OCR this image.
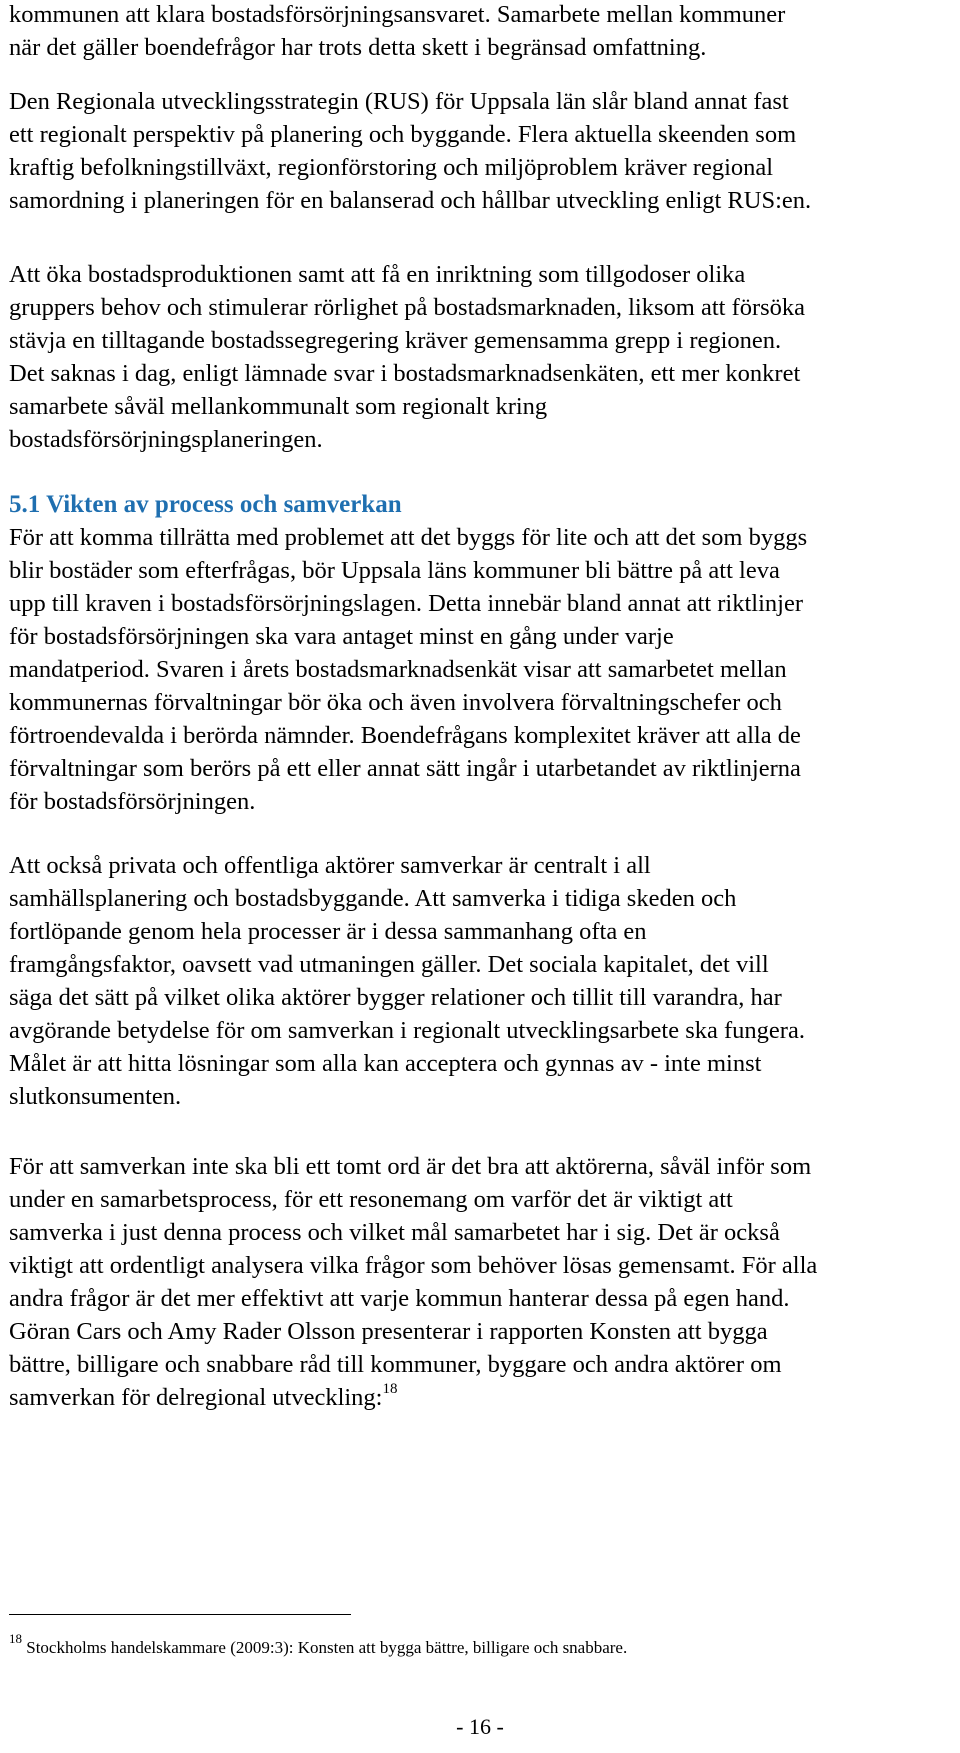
kommunen att klara bostadsförsörjningsansvaret. Samarbete mellan kommuner
när det gäller boendefrågor har trots detta skett i begränsad omfattning.

Den Regionala utvecklingsstrategin (RUS) för Uppsala län slår bland annat fast
ett regionalt perspektiv på planering och byggande. Flera aktuella skeenden som
kraftig befolkningstillväxt, regionförstoring och miljöproblem kräver regional
samordning i planeringen för en balanserad och hållbar utveckling enligt RUS:en.

Att öka bostadsproduktionen samt att få en inriktning som tillgodoser olika
gruppers behov och stimulerar rörlighet på bostadsmarknaden, liksom att försöka
stävja en tilltagande bostadssegregering kräver gemensamma grepp i regionen.
Det saknas i dag, enligt lämnade svar i bostadsmarknadsenkäten, ett mer konkret
samarbete såväl mellankommunalt som regionalt kring
bostadsförsörjningsplaneringen.

5.1 Vikten av process och samverkan

För att komma tillrätta med problemet att det byggs för lite och att det som byggs
blir bostäder som efterfrågas, bör Uppsala läns kommuner bli bättre på att leva
upp till kraven i bostadsförsörjningslagen. Detta innebär bland annat att riktlinjer
för bostadsförsörjningen ska vara antaget minst en gång under varje
mandatperiod. Svaren i årets bostadsmarknadsenkät visar att samarbetet mellan
kommunernas förvaltningar bör öka och även involvera förvaltningschefer och
förtroendevalda i berörda nämnder. Boendefrågans komplexitet kräver att alla de
förvaltningar som berörs på ett eller annat sätt ingår i utarbetandet av riktlinjerna
för bostadsförsörjningen.

Att också privata och offentliga aktörer samverkar är centralt i all
samhällsplanering och bostadsbyggande. Att samverka i tidiga skeden och
fortlöpande genom hela processer är i dessa sammanhang ofta en
framgångsfaktor, oavsett vad utmaningen gäller. Det sociala kapitalet, det vill
säga det sätt på vilket olika aktörer bygger relationer och tillit till varandra, har
avgörande betydelse för om samverkan i regionalt utvecklingsarbete ska fungera.
Målet är att hitta lösningar som alla kan acceptera och gynnas av - inte minst
slutkonsumenten.

För att samverkan inte ska bli ett tomt ord är det bra att aktörerna, såväl inför som
under en samarbetsprocess, för ett resonemang om varför det är viktigt att
samverka i just denna process och vilket mål samarbetet har i sig. Det är också
viktigt att ordentligt analysera vilka frågor som behöver lösas gemensamt. För alla
andra frågor är det mer effektivt att varje kommun hanterar dessa på egen hand.
Göran Cars och Amy Rader Olsson presenterar i rapporten Konsten att bygga
bättre, billigare och snabbare råd till kommuner, byggare och andra aktörer om
samverkan för delregional utveckling:$^{18}$

$^{18}$ Stockholms handelskammare (2009:3): Konsten att bygga bättre, billigare och snabbare.

- 16 -
